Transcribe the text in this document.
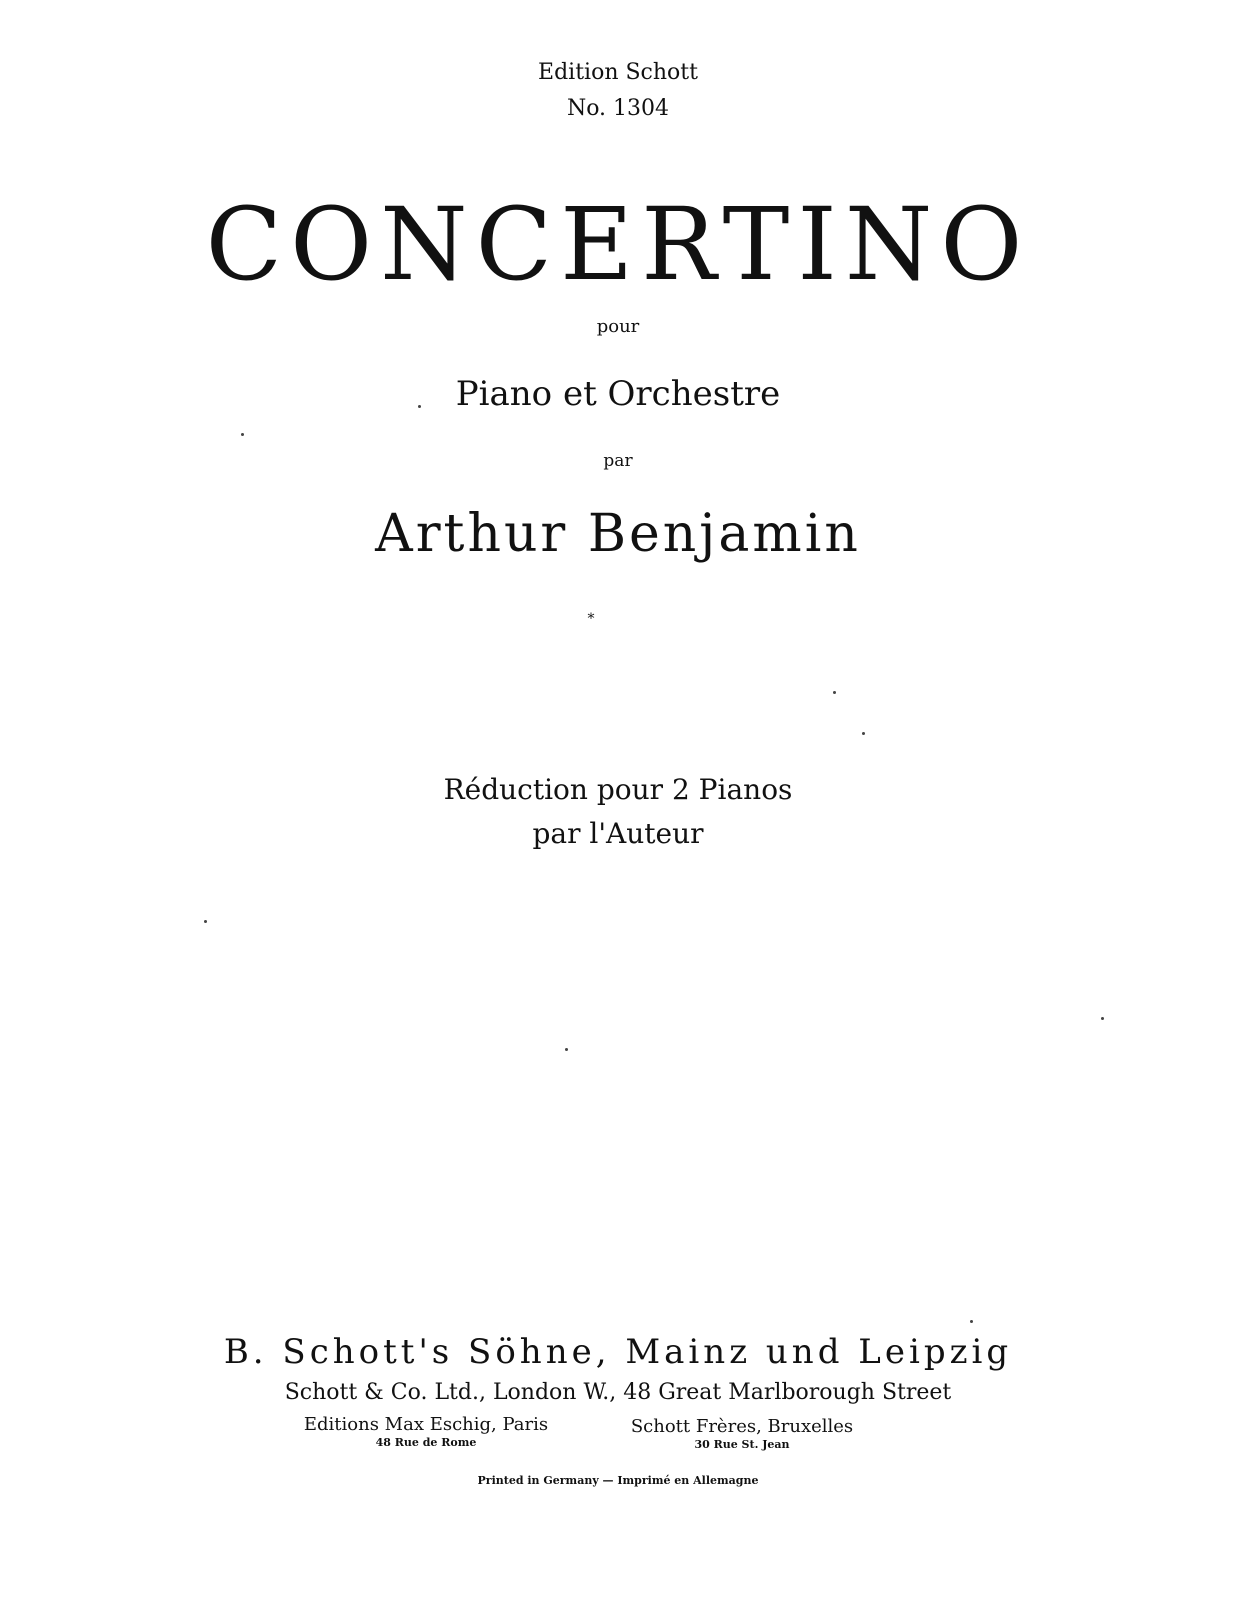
Edition Schott
No. 1304
CONCERTINO
pour
Piano et Orchestre
par
Arthur Benjamin
*
Réduction pour 2 Pianos
par l'Auteur
B. Schott's Söhne, Mainz und Leipzig
Schott & Co. Ltd., London W., 48 Great Marlborough Street
Editions Max Eschig, Paris
48 Rue de Rome
Schott Frères, Bruxelles
30 Rue St. Jean
Printed in Germany — Imprimé en Allemagne
